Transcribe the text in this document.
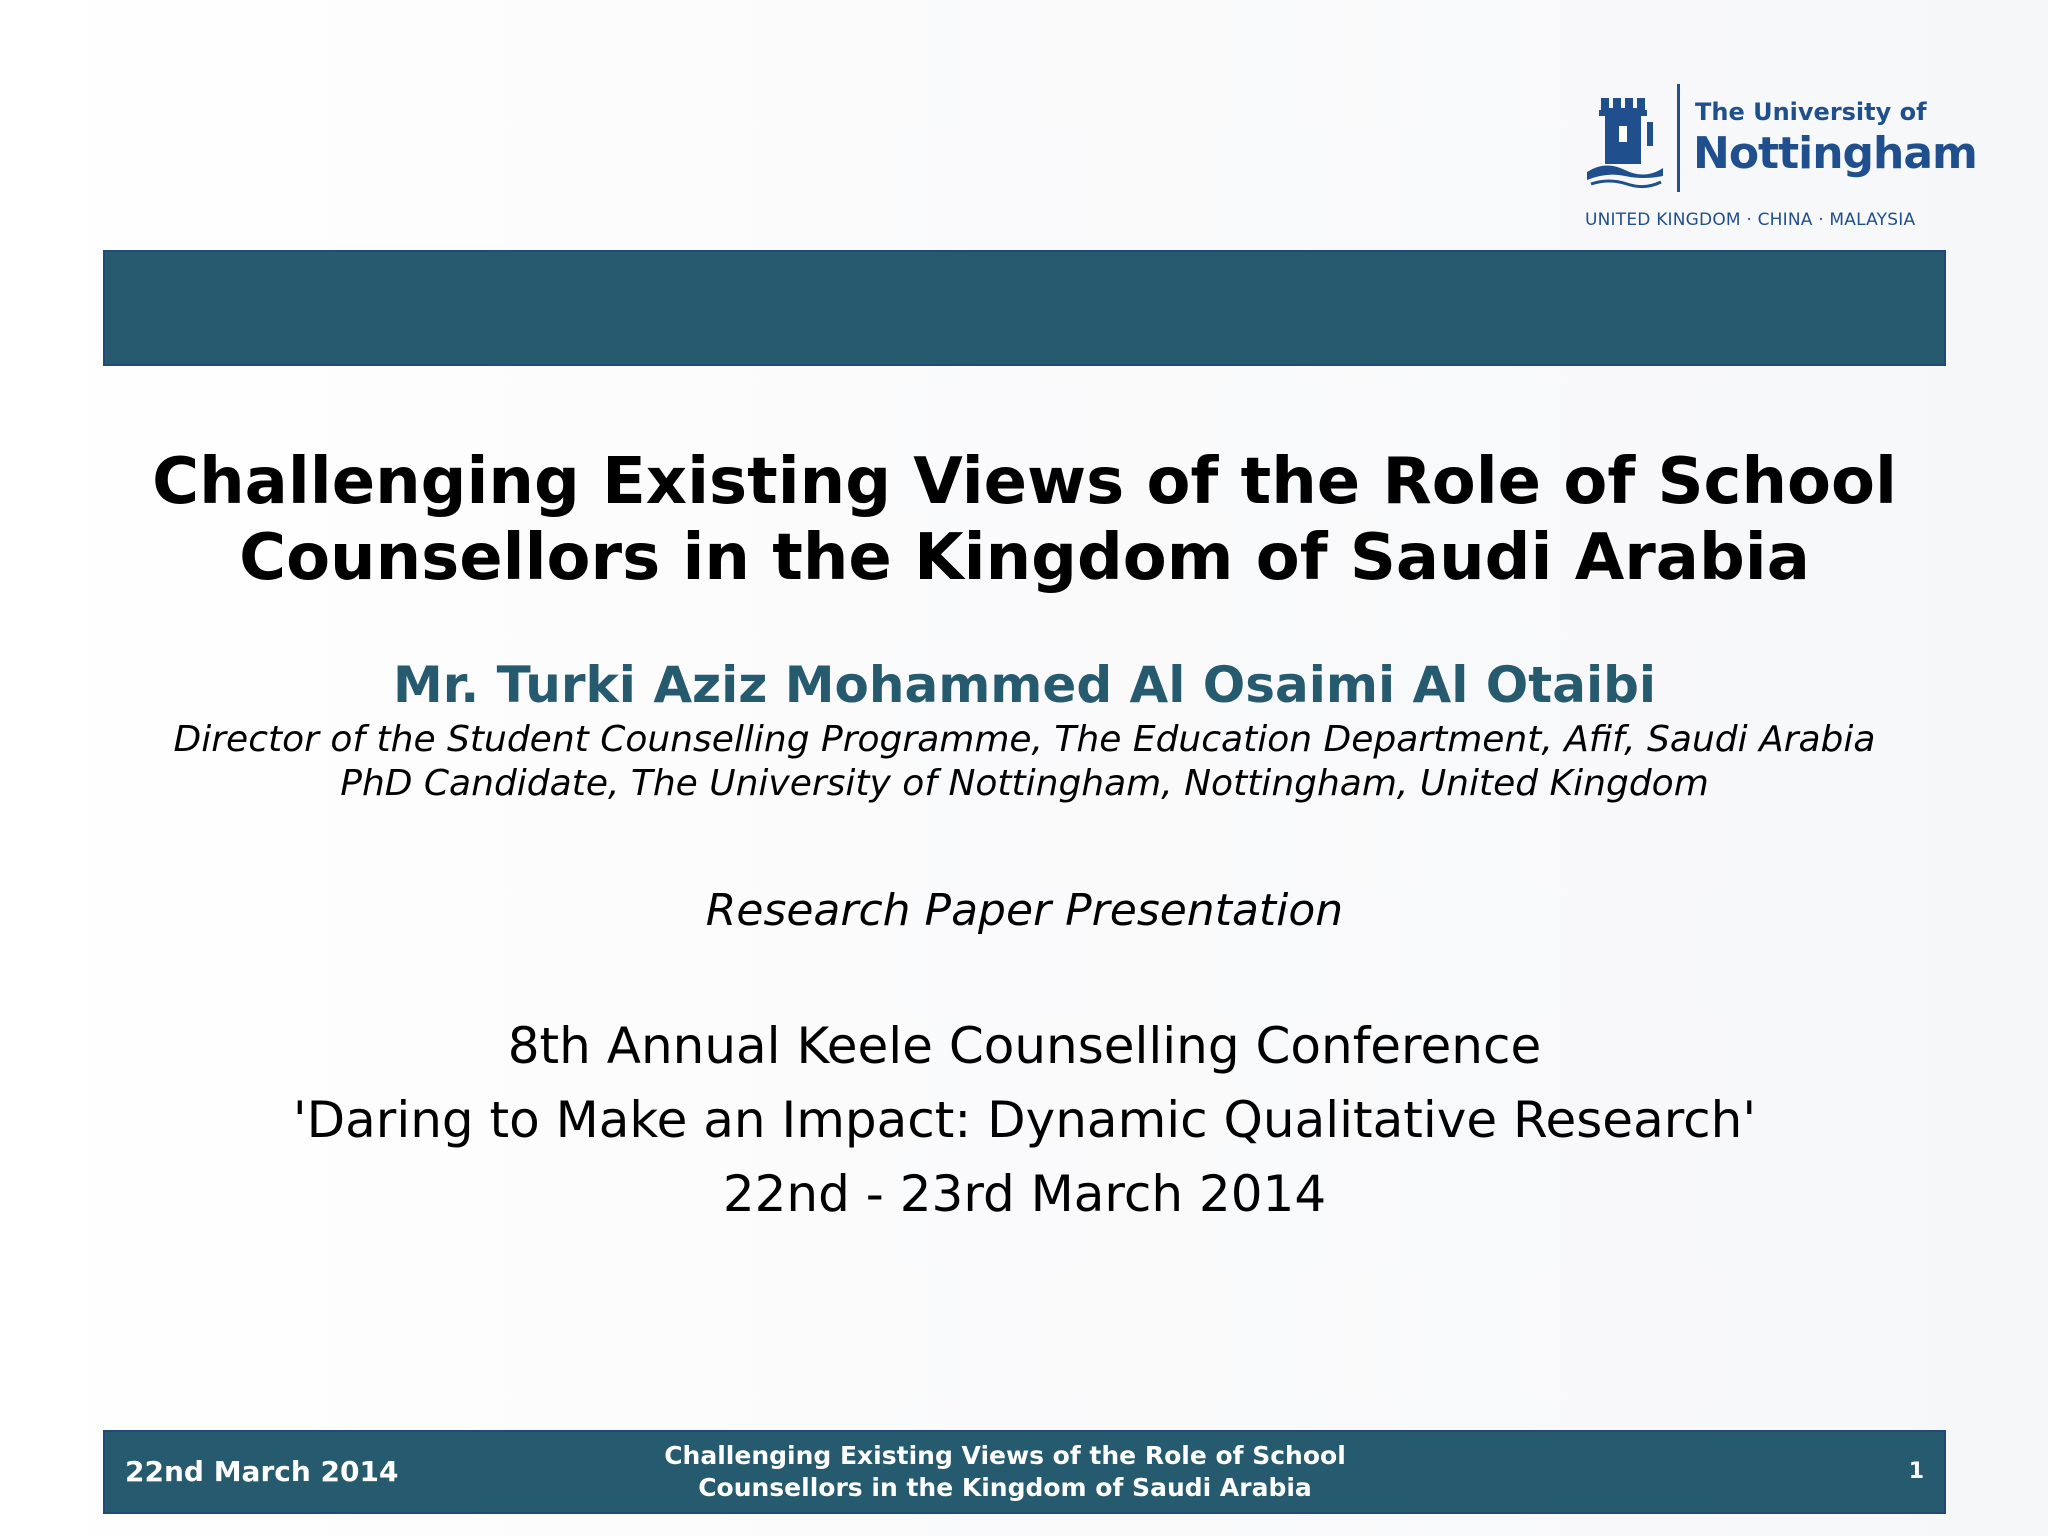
The University of
Nottingham
UNITED KINGDOM · CHINA · MALAYSIA
Challenging Existing Views of the Role of School
Counsellors in the Kingdom of Saudi Arabia
Mr. Turki Aziz Mohammed Al Osaimi Al Otaibi
Director of the Student Counselling Programme, The Education Department, Afif, Saudi Arabia
PhD Candidate, The University of Nottingham, Nottingham, United Kingdom
Research Paper Presentation
8th Annual Keele Counselling Conference
'Daring to Make an Impact: Dynamic Qualitative Research'
22nd - 23rd March 2014
22nd March 2014	Challenging Existing Views of the Role of School
Counsellors in the Kingdom of Saudi Arabia
1
